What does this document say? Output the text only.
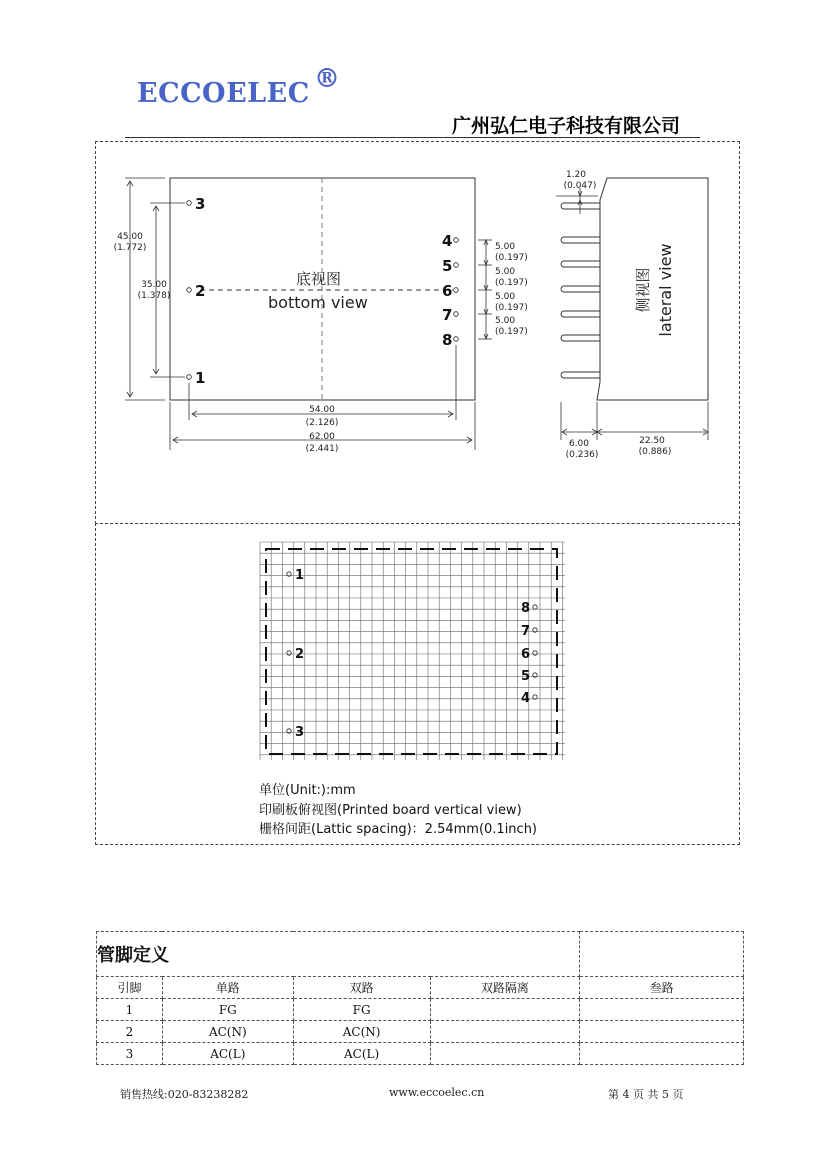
ECCOELEC ®
广州弘仁电子科技有限公司
3
2
1
4
5
6
7
8
底视图
bottom view
45.00
(1.772)
35.00
(1.378)
54.00
(2.126)
62.00
(2.441)
5.00
(0.197)
5.00
(0.197)
5.00
(0.197)
5.00
(0.197)
1.20
(0.047)
6.00
(0.236)
22.50
(0.886)
侧视图 lateral view
1
2
3
8
7
6
5
4
单位(Unit:):mm
印刷板俯视图(Printed board vertical view)
栅格间距(Lattic spacing)：2.54mm(0.1inch)
管脚定义				
引脚	单路	双路	双路隔离	叁路
1	FG	FG		
2	AC(N)	AC(N)		
3	AC(L)	AC(L)		
销售热线:020-83238282	www.eccoelec.cn	第 4 页 共 5 页
